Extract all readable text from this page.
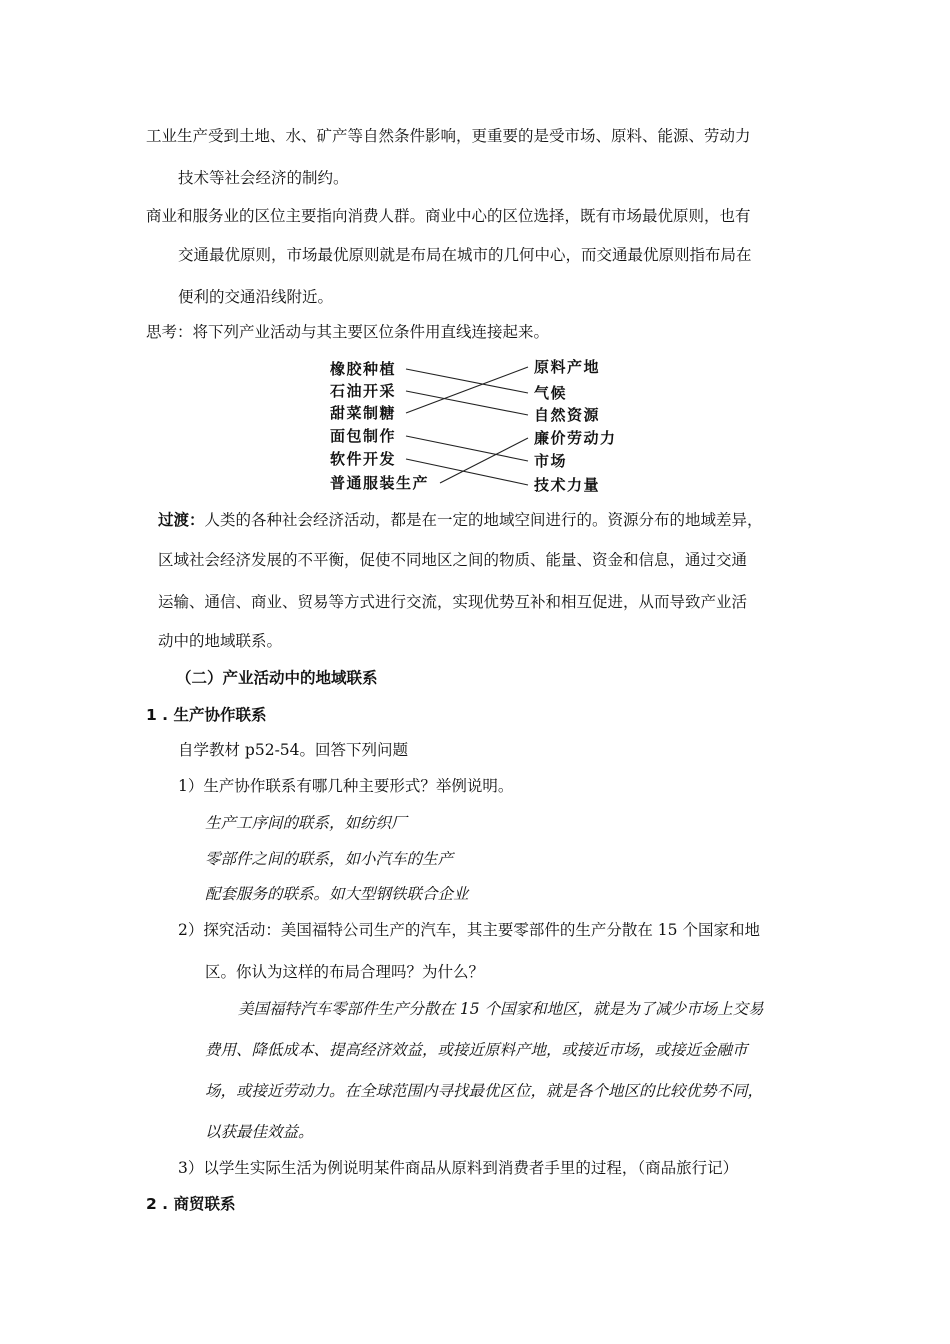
工业生产受到土地、水、矿产等自然条件影响，更重要的是受市场、原料、能源、劳动力
技术等社会经济的制约。
商业和服务业的区位主要指向消费人群。商业中心的区位选择，既有市场最优原则，也有
交通最优原则，市场最优原则就是布局在城市的几何中心，而交通最优原则指布局在
便利的交通沿线附近。
思考：将下列产业活动与其主要区位条件用直线连接起来。
橡胶种植
石油开采
甜菜制糖
面包制作
软件开发
普通服装生产
原料产地
气候
自然资源
廉价劳动力
市场
技术力量
过渡：人类的各种社会经济活动，都是在一定的地域空间进行的。资源分布的地域差异，
区域社会经济发展的不平衡，促使不同地区之间的物质、能量、资金和信息，通过交通
运输、通信、商业、贸易等方式进行交流，实现优势互补和相互促进，从而导致产业活
动中的地域联系。
（二）产业活动中的地域联系
1 . 生产协作联系
自学教材 p52-54。回答下列问题
1）生产协作联系有哪几种主要形式？举例说明。
生产工序间的联系，如纺织厂
零部件之间的联系，如小汽车的生产
配套服务的联系。如大型钢铁联合企业
2）探究活动：美国福特公司生产的汽车，其主要零部件的生产分散在 15 个国家和地
区。你认为这样的布局合理吗？为什么？
美国福特汽车零部件生产分散在 15 个国家和地区，就是为了减少市场上交易
费用、降低成本、提高经济效益，或接近原料产地，或接近市场，或接近金融市
场，或接近劳动力。在全球范围内寻找最优区位，就是各个地区的比较优势不同，
以获最佳效益。
3）以学生实际生活为例说明某件商品从原料到消费者手里的过程，（商品旅行记）
2 . 商贸联系
